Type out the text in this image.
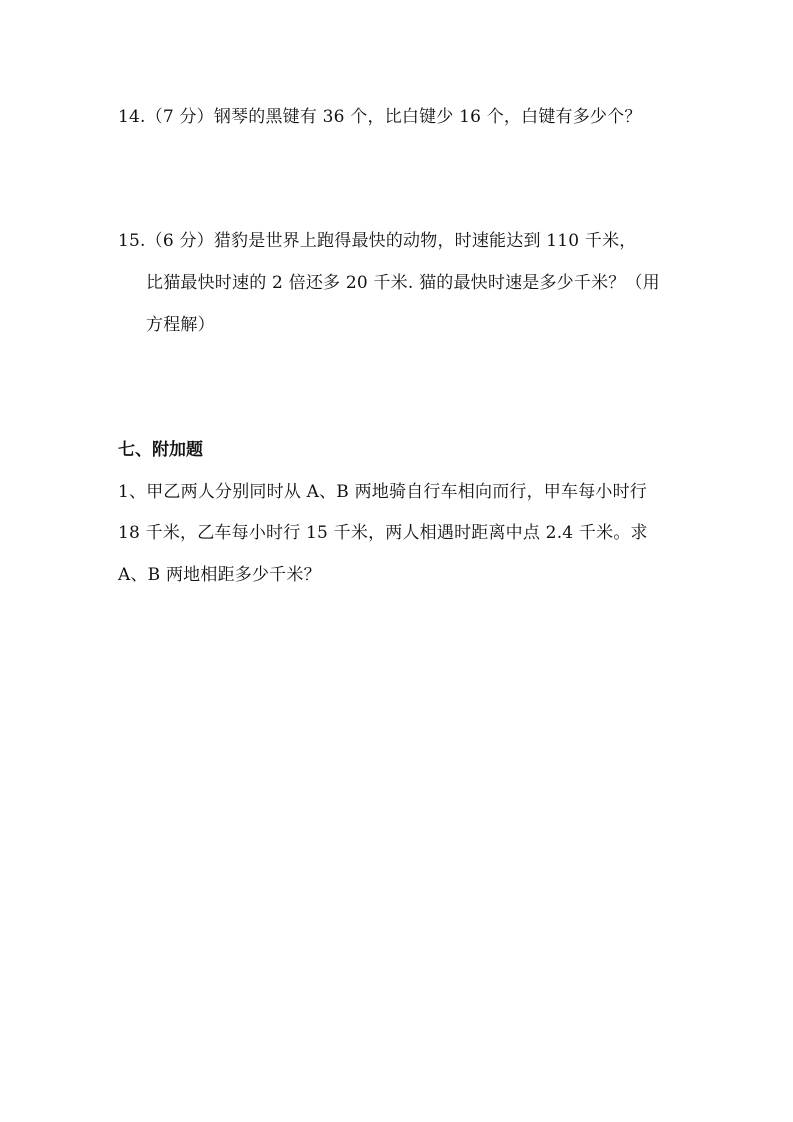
14.（7 分）钢琴的黑键有 36 个，比白键少 16 个，白键有多少个？
15.（6 分）猎豹是世界上跑得最快的动物，时速能达到 110 千米，
比猫最快时速的 2 倍还多 20 千米. 猫的最快时速是多少千米？（用
方程解）
七、附加题
1、甲乙两人分别同时从 A、B 两地骑自行车相向而行，甲车每小时行
18 千米，乙车每小时行 15 千米，两人相遇时距离中点 2.4 千米。求
A、B 两地相距多少千米？
